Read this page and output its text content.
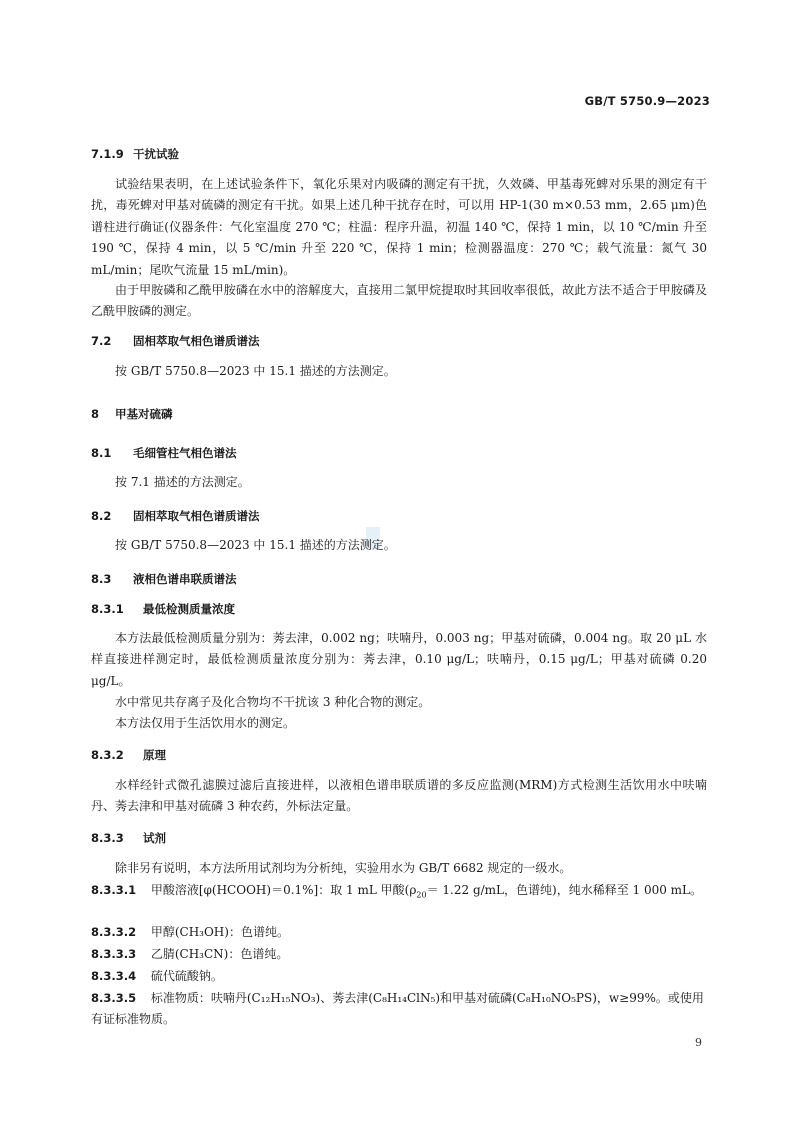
GB/T 5750.9—2023
7.1.9 干扰试验

试验结果表明，在上述试验条件下，氧化乐果对内吸磷的测定有干扰，久效磷、甲基毒死蜱对乐果的测定有干扰，毒死蜱对甲基对硫磷的测定有干扰。如果上述几种干扰存在时，可以用 HP-1(30 m×0.53 mm，2.65 μm)色谱柱进行确证(仪器条件：气化室温度 270 ℃；柱温：程序升温，初温 140 ℃，保持 1 min，以 10 ℃/min 升至 190 ℃，保持 4 min，以 5 ℃/min 升至 220 ℃，保持 1 min；检测器温度：270 ℃；载气流量：氮气 30 mL/min；尾吹气流量 15 mL/min)。

由于甲胺磷和乙酰甲胺磷在水中的溶解度大，直接用二氯甲烷提取时其回收率很低，故此方法不适合于甲胺磷及乙酰甲胺磷的测定。

7.2 固相萃取气相色谱质谱法

按 GB/T 5750.8—2023 中 15.1 描述的方法测定。

8 甲基对硫磷
8.1 毛细管柱气相色谱法

按 7.1 描述的方法测定。

8.2 固相萃取气相色谱质谱法

按 GB/T 5750.8—2023 中 15.1 描述的方法测定。

8.3 液相色谱串联质谱法
8.3.1 最低检测质量浓度

本方法最低检测质量分别为：莠去津，0.002 ng；呋喃丹，0.003 ng；甲基对硫磷，0.004 ng。取 20 μL 水样直接进样测定时，最低检测质量浓度分别为：莠去津，0.10 μg/L；呋喃丹，0.15 μg/L；甲基对硫磷 0.20 μg/L。

水中常见共存离子及化合物均不干扰该 3 种化合物的测定。

本方法仅用于生活饮用水的测定。

8.3.2 原理

水样经针式微孔滤膜过滤后直接进样，以液相色谱串联质谱的多反应监测(MRM)方式检测生活饮用水中呋喃丹、莠去津和甲基对硫磷 3 种农药，外标法定量。

8.3.3 试剂

除非另有说明，本方法所用试剂均为分析纯，实验用水为 GB/T 6682 规定的一级水。

8.3.3.1 甲酸溶液[φ(HCOOH)＝0.1%]：取 1 mL 甲酸($\rho_{20}= 1.22$ g/mL，色谱纯)，纯水稀释至 1 000 mL。

8.3.3.2 甲醇(CH₃OH)：色谱纯。

8.3.3.3 乙腈(CH₃CN)：色谱纯。

8.3.3.4 硫代硫酸钠。

8.3.3.5 标准物质：呋喃丹(C₁₂H₁₅NO₃)、莠去津(C₈H₁₄ClN₅)和甲基对硫磷(C₈H₁₀NO₅PS)，w≥99%。或使用有证标准物质。

9
